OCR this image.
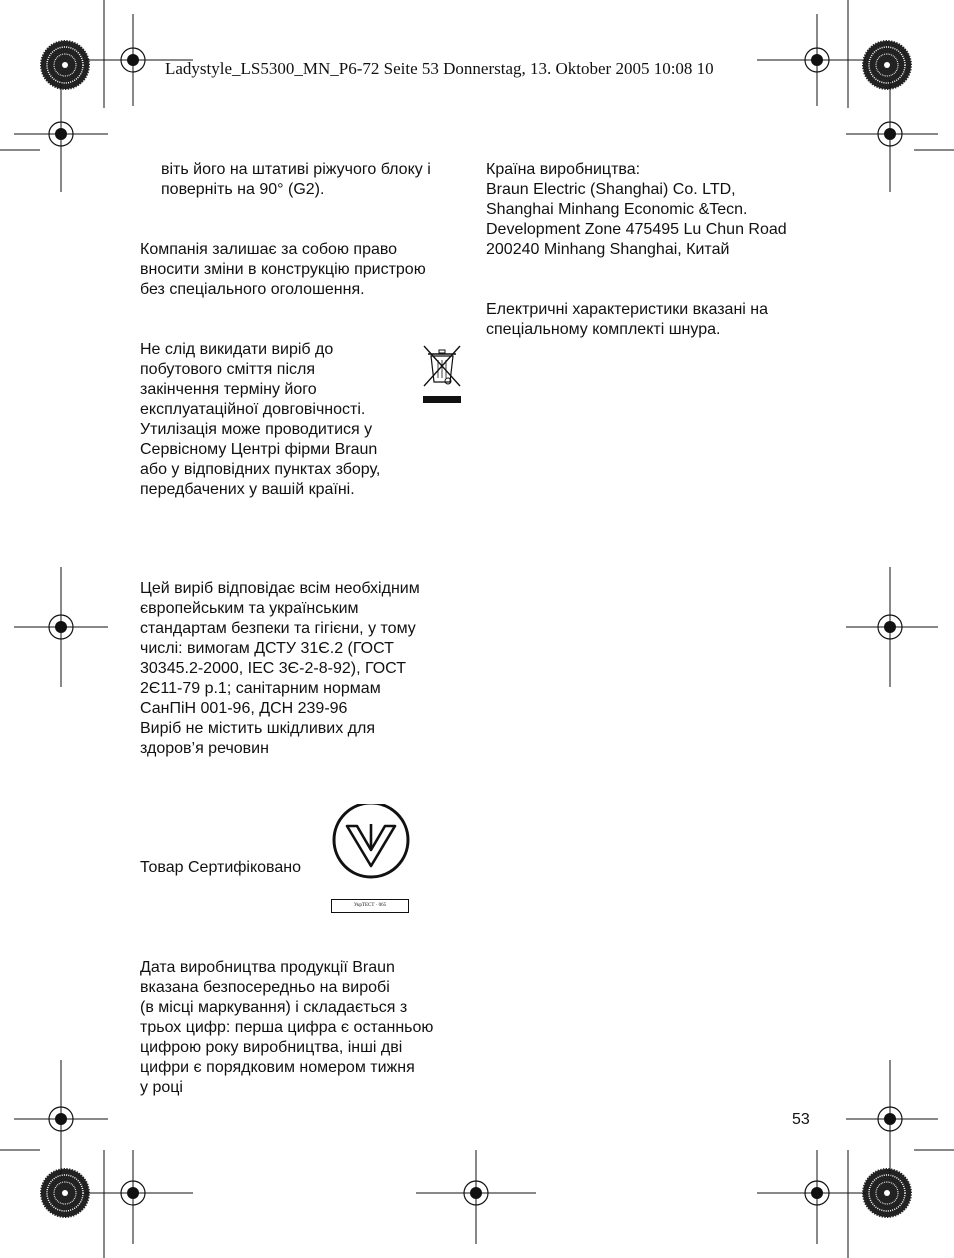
Ladystyle_LS5300_MN_P6-72 Seite 53 Donnerstag, 13. Oktober 2005 10:08 10
віть його на штативі ріжучого блоку і
поверніть на 90° (G2).
Компанія залишає за собою право
вносити зміни в конструкцію пристрою
без спеціального оголошення.
Не слід викидати виріб до
побутового сміття після
закінчення терміну його
експлуатаційної довговічності.
Утилізація може проводитися у
Сервісному Центрі фірми Braun
або у відповідних пунктах збору,
передбачених у вашій країні.
Цей виріб відповідає всім необхідним
європейським та українським
стандартам безпеки та гігієни, у тому
числі: вимогам ДСТУ 31Є.2 (ГОСТ
30345.2-2000, IEC 3Є-2-8-92), ГОСТ
2Є11-79 р.1; санітарним нормам
СанПіН 001-96, ДСН 239-96
Виріб не містить шкідливих для
здоров’я речовин
Товар Сертифіковано
УкрТЕСТ · 065
Дата виробництва продукції Braun
вказана безпосередньо на виробі
(в місці маркування) і складається з
трьох цифр: перша цифра є останньою
цифрою року виробництва, інші дві
цифри є порядковим номером тижня
у році
Країна виробництва:
Braun Electric (Shanghai) Co. LTD,
Shanghai Minhang Economic &Tecn.
Development Zone 475495 Lu Chun Road
200240 Minhang Shanghai, Китай
Електричні характеристики вказані на
спеціальному комплекті шнура.
53
